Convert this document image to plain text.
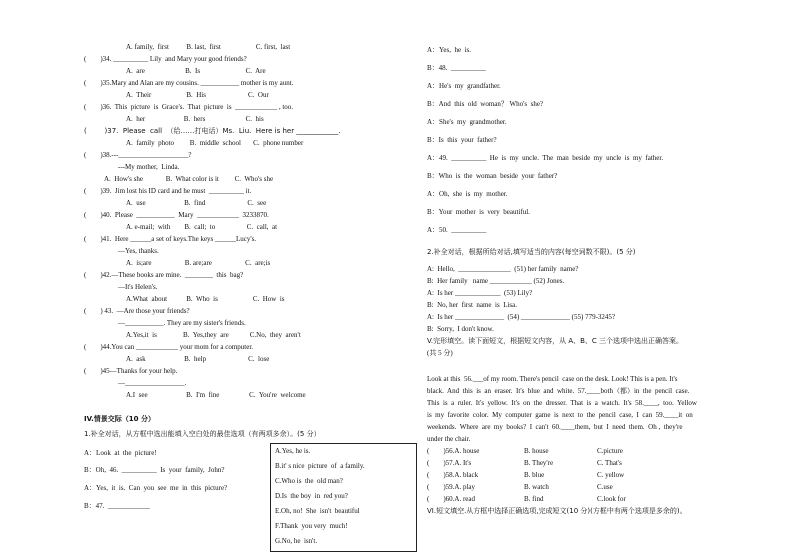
A. family,  first          B. last,  first                    C. first,  last
(        )34. __________ Lily  and Mary your good friends?
A.  are                       B.  Is                          C.  Are
(        )35.Mary and Alan are my cousins. ___________ mother is my aunt.
A.  Their                    B.  His                        C.  Our
(        )36.  This  picture  is  Grace's.  That  picture  is  ____________ , too.
A.  her                      B.  hers                       C.  his
(        )37.  Please  call  （给……打电话）Ms.  Liu.  Here is her ____________.
A.  family  photo         B.  middle  school       C.  phone number
(        )38.---____________________?
---My mother,  Linda.
A.  How's she             B.  What color is it         C.  Who's she
(        )39.  Jim lost his ID card and he must  __________ it.
A.  use                      B.  find                        C.  see
(        )40.  Please  ___________  Mary  ____________  3233870.
A. e-mail;  with        B.  call;  to                  C.  call,  at
(        )41.  Here ______a set of keys.The keys ______Lucy's.
—Yes, thanks.
A.  is;are                   B. are;are                   C.  are;is
(        )42.—These books are mine.  ________  this  bag?
—It's Helen's.
A.What  about           B.  Who  is                    C.  How  is
(        ) 43.  —Are those your friends?
—___________. They are my sister's friends.
A.Yes,it  is               B.  Yes,they  are            C.No,  they  aren't
(        )44.You can ____________ your mom for a computer.
A.  ask                      B.  help                        C.  lose
(        )45—Thanks for your help.
—_________________.
A.I  see                      B.  I'm  fine                 C.  You're  welcome
IV.情景交际（10 分）
1.补全对话，从方框中选出能填入空白处的最佳选项（有两项多余）。(5 分）
A：Look  at  the  picture!
B：Oh,  46.  __________  Is  your  family,  John?
A：Yes,  it  is.  Can  you  see  me  in  this  picture?
B：47.  ____________
A.Yes, he is.
B.it' s nice  picture  of  a family.
C.Who is  the  old man?
D.Is  the boy  in  red you?
E.Oh, no!  She  isn't  beautiful
F.Thank  you very  much!
G.No, he  isn't.
A：Yes,  he  is.
B：48.  __________
A：He's  my  grandfather.
B：And  this  old  woman？ Who's  she?
A：She's  my  grandmother.
B：Is  this  your  father?
A：49.  __________  He  is  my  uncle.  The  man  beside  my  uncle  is  my  father.
B：Who  is  the  woman  beside  your  father?
A：Oh,  she  is  my  mother.
B：Your  mother  is  very  beautiful.
A：50.  __________
2.补全对话，根据所给对话,填写适当的内容(每空词数不限)。(5 分)
A:  Hello,  _______________  (51) her family  name?
B:  Her family   name ____________ (52) Jones.
A:  Is her _____________  (53) Lily?
B:  No, her  first  name  is  Lisa.
A:  Is her ______________  (54) ______________ (55) 779-3245?
B:  Sorry,  I don't know.
V.完形填空。读下面短文，根据短文内容，从 A、B、C 三个选项中选出正确答案。
(共 5 分)
Look at this  56.___of my room. There's pencil  case on the desk. Look! This is a pen. It's
black.  And  this  is  an  eraser.  It's  blue  and  white.  57.____both（都）in  the  pencil  case.
This  is  a  ruler.  It's  yellow.  It's  on  the  dresser.  That  is  a  watch.  It's  58.____,  too.  Yellow
is  my  favorite  color.  My  computer  game  is  next  to  the  pencil  case,  I  can  59.____it  on
weekends.  Where  are  my  books?  I  can't  60.____them,  but  I  need  them.  Oh ,  they're
under the chair.
(        )56.A. house	B. house	C.picture
(        )57.A. It's	B. They're	C. That's
(        )58.A. black	B. blue	C. yellow
(        )59.A. play	B. watch	C.use
(        )60.A. read	B. find	C.look for
VI.短文填空.从方框中选择正确选项,完成短文(10 分)(方框中有两个选项是多余的)。
